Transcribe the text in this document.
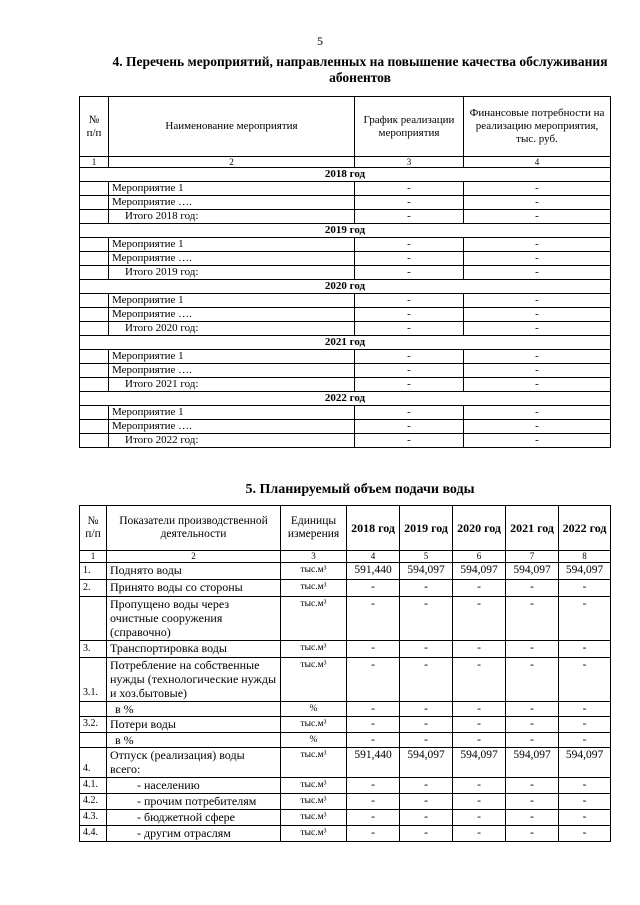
5
4. Перечень мероприятий, направленных на повышение качества обслуживания абонентов
№ п/п	Наименование мероприятия	График реализации мероприятия	Финансовые потребности на реализацию мероприятия, тыс. руб.
1	2	3	4
2018 год			
	Мероприятие 1	-	-
	Мероприятие ….	-	-
	Итого 2018 год:	-	-
2019 год			
	Мероприятие 1	-	-
	Мероприятие ….	-	-
	Итого 2019 год:	-	-
2020 год			
	Мероприятие 1	-	-
	Мероприятие ….	-	-
	Итого 2020 год:	-	-
2021 год			
	Мероприятие 1	-	-
	Мероприятие ….	-	-
	Итого 2021 год:	-	-
2022 год			
	Мероприятие 1	-	-
	Мероприятие ….	-	-
	Итого 2022 год:	-	-
5. Планируемый объем подачи воды
№ п/п	Показатели производственной деятельности	Единицы измерения	2018 год	2019 год	2020 год	2021 год	2022 год
1	2	3	4	5	6	7	8
1.	Поднято воды	тыс.м³	591,440	594,097	594,097	594,097	594,097
2.	Принято воды со стороны	тыс.м³	-	-	-	-	-
	Пропущено воды через очистные сооружения (справочно)	тыс.м³	-	-	-	-	-
3.	Транспортировка воды	тыс.м³	-	-	-	-	-
3.1.	Потребление на собственные нужды (технологические нужды и хоз.бытовые)	тыс.м³	-	-	-	-	-
	в %	%	-	-	-	-	-
3.2.	Потери воды	тыс.м³	-	-	-	-	-
	в %	%	-	-	-	-	-
4.	Отпуск (реализация) воды всего:	тыс.м³	591,440	594,097	594,097	594,097	594,097
4.1.	- населению	тыс.м³	-	-	-	-	-
4.2.	- прочим потребителям	тыс.м³	-	-	-	-	-
4.3.	- бюджетной сфере	тыс.м³	-	-	-	-	-
4.4.	- другим отраслям	тыс.м³	-	-	-	-	-
